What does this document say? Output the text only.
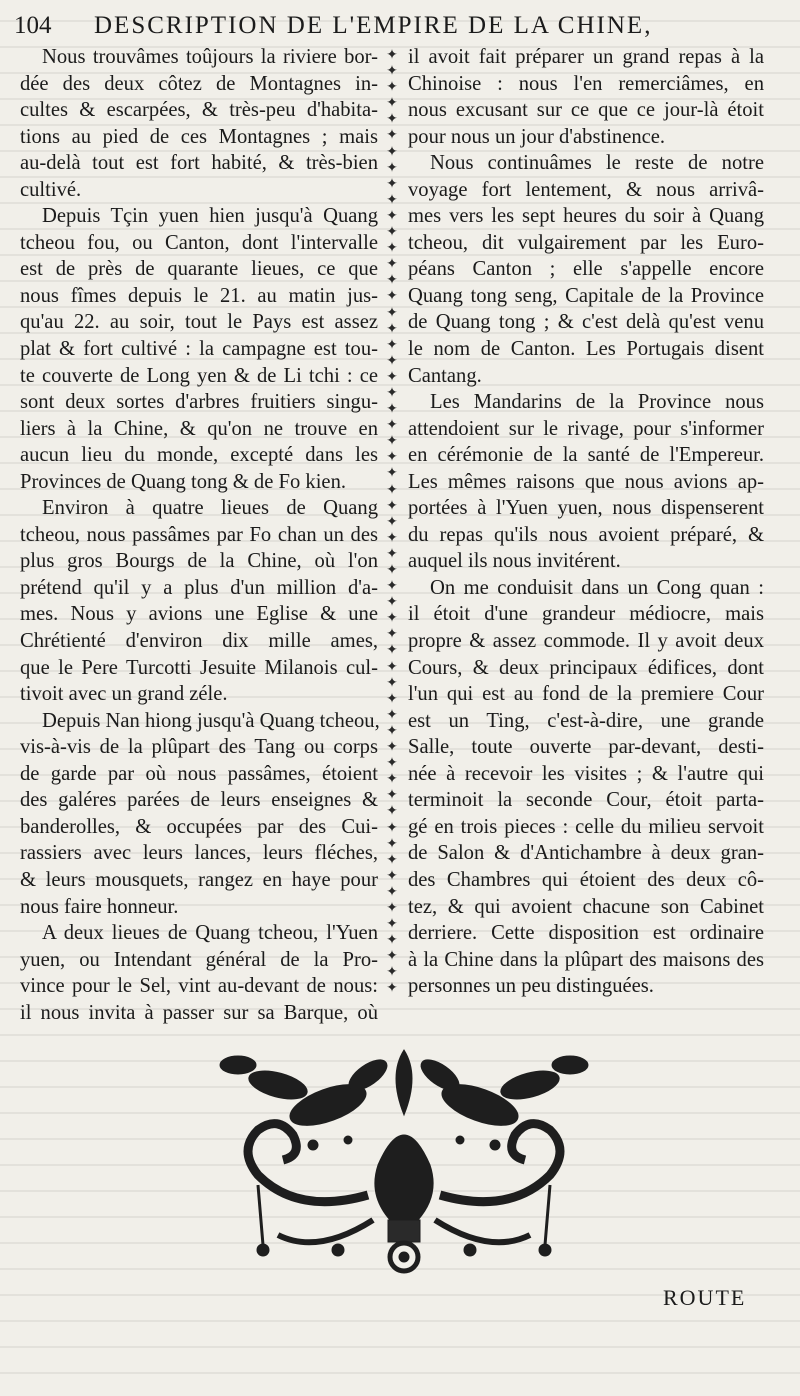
104 DESCRIPTION DE L'EMPIRE DE LA CHINE,
Nous trouvâmes toûjours la riviere bor-
dée des deux côtez de Montagnes in-
cultes & escarpées, & très-peu d'habita-
tions au pied de ces Montagnes ; mais
au-delà tout est fort habité, & très-bien
cultivé.
Depuis Tçin yuen hien jusqu'à Quang
tcheou fou, ou Canton, dont l'intervalle
est de près de quarante lieues, ce que
nous fîmes depuis le 21. au matin jus-
qu'au 22. au soir, tout le Pays est assez
plat & fort cultivé : la campagne est tou-
te couverte de Long yen & de Li tchi : ce
sont deux sortes d'arbres fruitiers singu-
liers à la Chine, & qu'on ne trouve en
aucun lieu du monde, excepté dans les
Provinces de Quang tong & de Fo kien.
Environ à quatre lieues de Quang
tcheou, nous passâmes par Fo chan un des
plus gros Bourgs de la Chine, où l'on
prétend qu'il y a plus d'un million d'a-
mes. Nous y avions une Eglise & une
Chrétienté d'environ dix mille ames,
que le Pere Turcotti Jesuite Milanois cul-
tivoit avec un grand zéle.
Depuis Nan hiong jusqu'à Quang tcheou,
vis-à-vis de la plûpart des Tang ou corps
de garde par où nous passâmes, étoient
des galéres parées de leurs enseignes &
banderolles, & occupées par des Cui-
rassiers avec leurs lances, leurs fléches,
& leurs mousquets, rangez en haye pour
nous faire honneur.
A deux lieues de Quang tcheou, l'Yuen
yuen, ou Intendant général de la Pro-
vince pour le Sel, vint au-devant de nous:
il nous invita à passer sur sa Barque, où
✦
✦
✦
✦
✦
✦
✦
✦
✦
✦
✦
✦
✦
✦
✦
✦
✦
✦
✦
✦
✦
✦
✦
✦
✦
✦
✦
✦
✦
✦
✦
✦
✦
✦
✦
✦
✦
✦
✦
✦
✦
✦
✦
✦
✦
✦
✦
✦
✦
✦
✦
✦
✦
✦
✦
✦
✦
✦
✦

il avoit fait préparer un grand repas à la
Chinoise : nous l'en remerciâmes, en
nous excusant sur ce que ce jour-là étoit
pour nous un jour d'abstinence.
Nous continuâmes le reste de notre
voyage fort lentement, & nous arrivâ-
mes vers les sept heures du soir à Quang
tcheou, dit vulgairement par les Euro-
péans Canton ; elle s'appelle encore
Quang tong seng, Capitale de la Province
de Quang tong ; & c'est delà qu'est venu
le nom de Canton. Les Portugais disent
Cantang.
Les Mandarins de la Province nous
attendoient sur le rivage, pour s'informer
en cérémonie de la santé de l'Empereur.
Les mêmes raisons que nous avions ap-
portées à l'Yuen yuen, nous dispenserent
du repas qu'ils nous avoient préparé, &
auquel ils nous invitérent.
On me conduisit dans un Cong quan :
il étoit d'une grandeur médiocre, mais
propre & assez commode. Il y avoit deux
Cours, & deux principaux édifices, dont
l'un qui est au fond de la premiere Cour
est un Ting, c'est-à-dire, une grande
Salle, toute ouverte par-devant, desti-
née à recevoir les visites ; & l'autre qui
terminoit la seconde Cour, étoit parta-
gé en trois pieces : celle du milieu servoit
de Salon & d'Antichambre à deux gran-
des Chambres qui étoient des deux cô-
tez, & qui avoient chacune son Cabinet
derriere. Cette disposition est ordinaire
à la Chine dans la plûpart des maisons des
personnes un peu distinguées.
ROUTE
